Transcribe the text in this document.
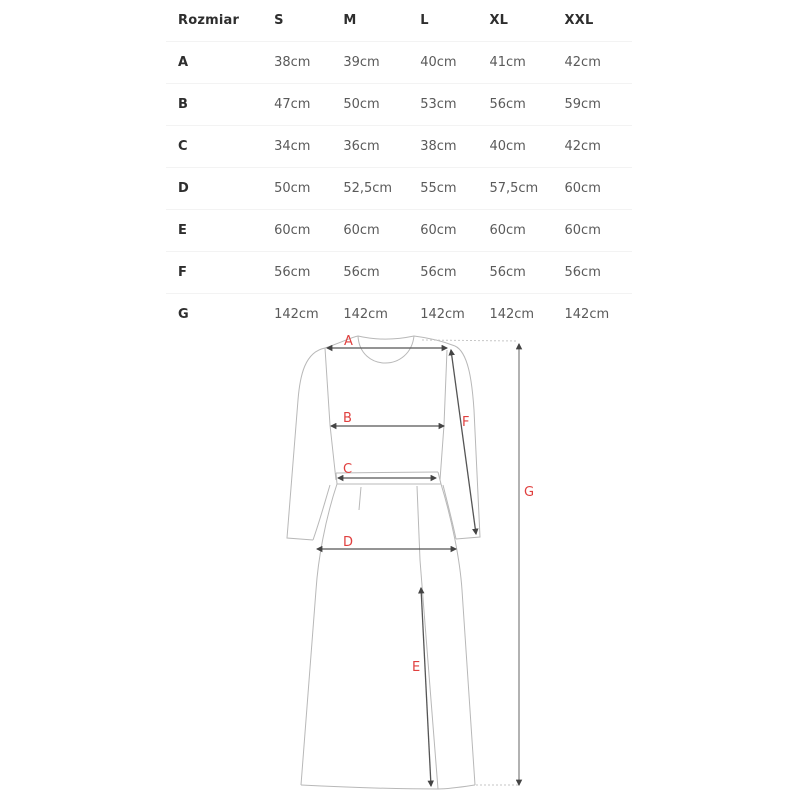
Rozmiar	S	M	L	XL	XXL
A	38cm	39cm	40cm	41cm	42cm
B	47cm	50cm	53cm	56cm	59cm
C	34cm	36cm	38cm	40cm	42cm
D	50cm	52,5cm	55cm	57,5cm	60cm
E	60cm	60cm	60cm	60cm	60cm
F	56cm	56cm	56cm	56cm	56cm
G	142cm	142cm	142cm	142cm	142cm
A
B
C
D
E
F
G
